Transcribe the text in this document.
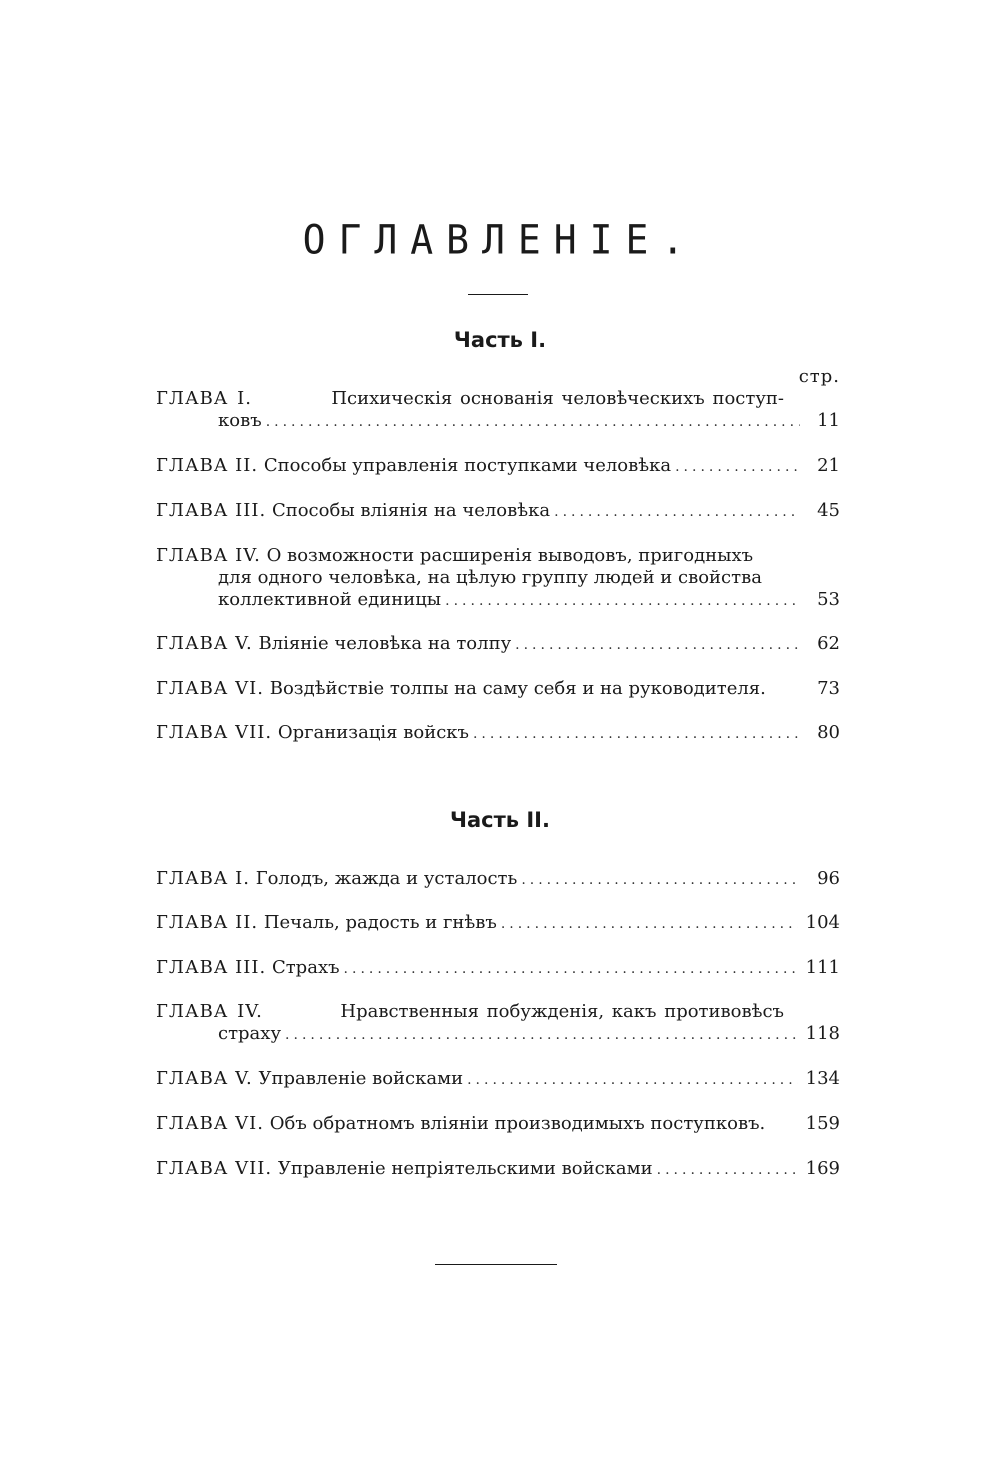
ОГЛАВЛЕНІЕ.
Часть I.
стр.
ГЛАВА I.	Психическія основанія человѣческихъ поступ-
ковъ .....	11
ГЛАВА II.
Способы управленія поступками человѣка .....	21
ГЛАВА III.
Способы вліянія на человѣка .....	45
ГЛАВА IV.
О возможности расширенія выводовъ, пригодныхъ
для одного человѣка, на цѣлую группу людей и свойства
коллективной единицы .....	53
ГЛАВА V.
Вліяніе человѣка на толпу .....	62
ГЛАВА VI.
Воздѣйствіе толпы на саму себя и на руководителя.	73
ГЛАВА VII.
Организація войскъ .....	80
Часть II.
ГЛАВА I.
Голодъ, жажда и усталость .....	96
ГЛАВА II.
Печаль, радость и гнѣвъ .....	104
ГЛАВА III.
Страхъ .....	111
ГЛАВА IV.	Нравственныя побужденія, какъ противовѣсъ
страху .....	118
ГЛАВА V.
Управленіе войсками .....	134
ГЛАВА VI.
Объ обратномъ вліяніи производимыхъ поступковъ.	159
ГЛАВА VII.
Управленіе непріятельскими войсками .....	169
